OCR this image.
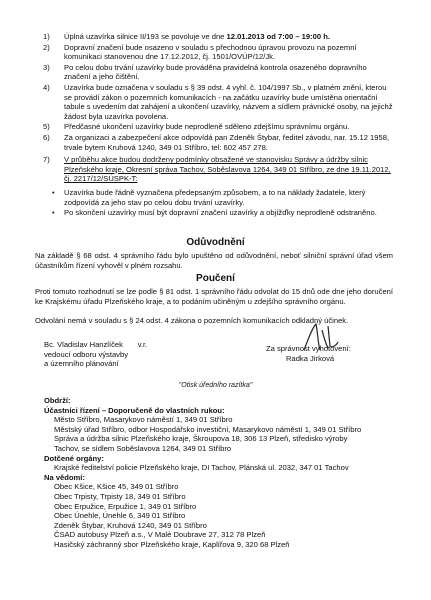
1) Úplná uzavírka silnice II/193 se povoluje ve dne 12.01.2013 od 7:00 – 19:00 h.
2) Dopravní značení bude osazeno v souladu s přechodnou úpravou provozu na pozemní komunikaci stanovenou dne 17.12.2012, čj. 1501/OVÚP/12/Jk.
3) Po celou dobu trvání uzavírky bude prováděna pravidelná kontrola osazeného dopravního značení a jeho čištění.
4) Uzavírka bude označena v souladu s § 39 odst. 4 vyhl. č. 104/1997 Sb., v platném znění, kterou se provádí zákon o pozemních komunikacích - na začátku uzavírky bude umístěna orientační tabule s uvedením dat zahájení a ukončení uzavírky, názvem a sídlem právnické osoby, na jejichž žádost byla uzavírka povolena.
5) Předčasné ukončení uzavírky bude neprodleně sděleno zdejšímu správnímu orgánu.
6) Za organizaci a zabezpečení akce odpovídá pan Zdeněk Štybar, ředitel závodu, nar. 15.12 1958, trvale bytem Kruhová 1240, 349 01 Stříbro, tel: 602 457 278.
7) V průběhu akce budou dodrženy podmínky obsažené ve stanovisku Správy a údržby silnic Plzeňského kraje, Okresní správa Tachov, Soběslavova 1264, 349 01 Stříbro, ze dne 19.11.2012, čj. 2217/12/SÚSPK-T:
• Uzavírka bude řádně vyznačena předepsaným způsobem, a to na náklady žadatele, který zodpovídá za jeho stav po celou dobu trvání uzavírky.
• Po skončení uzavírky musí být dopravní značení uzavírky a objížďky neprodleně odstraněno.
Odůvodnění
Na základě § 68 odst. 4 správního řádu bylo upuštěno od odůvodnění, neboť silniční správní úřad všem účastníkům řízení vyhověl v plném rozsahu.
Poučení
Proti tomuto rozhodnutí se lze podle § 81 odst. 1 správního řádu odvolat do 15 dnů ode dne jeho doručení ke Krajskému úřadu Plzeňského kraje, a to podáním učiněným u zdejšího správního orgánu.
Odvolání nemá v souladu s § 24 odst. 4 zákona o pozemních komunikacích odkladný účinek.
Bc. Vladislav Hanzlíček v.r.
vedoucí odboru výstavby
a územního plánování
Za správnost vyhotovení:
Radka Jirková
"Otisk úředního razítka"
Obdrží:
Účastníci řízení – Doporučeně do vlastních rukou:
Město Stříbro, Masarykovo náměstí 1, 349 01 Stříbro
Městský úřad Stříbro, odbor Hospodářsko investiční, Masarykovo náměstí 1, 349 01 Stříbro
Správa a údržba silnic Plzeňského kraje, Škroupova 18, 306 13 Plzeň, středisko výroby
Tachov, se sídlem Soběslavova 1264, 349 01 Stříbro
Dotčené orgány:
Krajské ředitelství policie Plzeňského kraje, DI Tachov, Plánská ul. 2032, 347 01 Tachov
Na vědomí:
Obec Kšice, Kšice 45, 349 01 Stříbro
Obec Trpisty, Trpisty 18, 349 01 Stříbro
Obec Erpužice, Erpužice 1, 349 01 Stříbro
Obec Únehle, Únehle 6, 349 01 Stříbro
Zdeněk Štybar, Kruhová 1240, 349 01 Stříbro
ČSAD autobusy Plzeň a.s., V Malé Doubrave 27, 312 78 Plzeň
Hasičský záchranný sbor Plzeňského kraje, Kaplířova 9, 320 68 Plzeň
